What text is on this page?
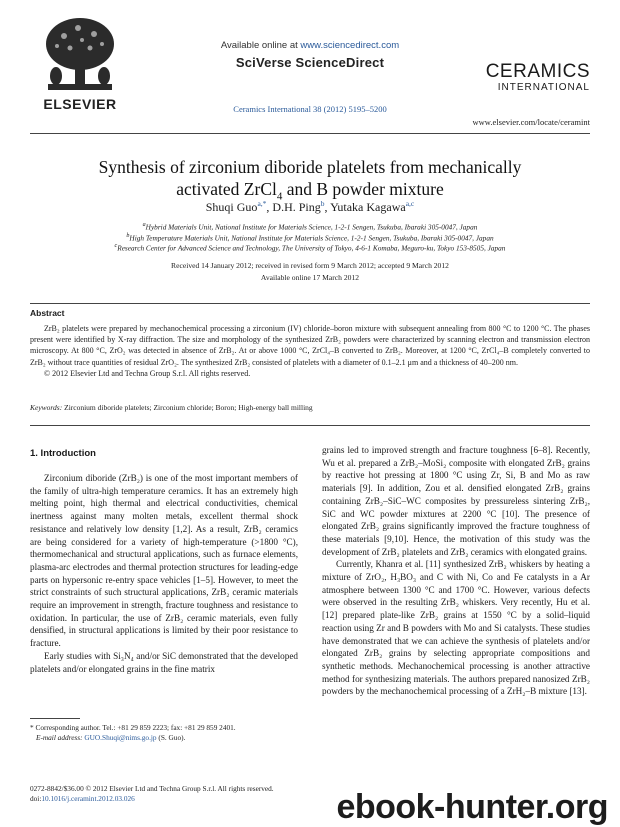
ELSEVIER
Available online at www.sciencedirect.com
SciVerse ScienceDirect
Ceramics International 38 (2012) 5195–5200
CERAMICS
INTERNATIONAL
www.elsevier.com/locate/ceramint
Synthesis of zirconium diboride platelets from mechanically
activated ZrCl$_4$ and B powder mixture
Shuqi Guo$^{a,*}$, D.H. Ping$^b$, Yutaka Kagawa$^{a,c}$
$^a$Hybrid Materials Unit, National Institute for Materials Science, 1-2-1 Sengen, Tsukuba, Ibaraki 305-0047, Japan
$^b$High Temperature Materials Unit, National Institute for Materials Science, 1-2-1 Sengen, Tsukuba, Ibaraki 305-0047, Japan
$^c$Research Center for Advanced Science and Technology, The University of Tokyo, 4-6-1 Komaba, Meguro-ku, Tokyo 153-8505, Japan
Received 14 January 2012; received in revised form 9 March 2012; accepted 9 March 2012
Available online 17 March 2012
Abstract
ZrB₂ platelets were prepared by mechanochemical processing a zirconium (IV) chloride–boron mixture with subsequent annealing from 800 °C to 1200 °C. The phases present were identified by X-ray diffraction. The size and morphology of the synthesized ZrB₂ powders were characterized by scanning electron and transmission electron microscopy. At 800 °C, ZrO₂ was detected in absence of ZrB₂. At or above 1000 °C, ZrCl₄–B converted to ZrB₂. Moreover, at 1200 °C, ZrCl₄–B completely converted to ZrB₂ without trace quantities of residual ZrO₂. The synthesized ZrB₂ consisted of platelets with a diameter of 0.1–2.1 μm and a thickness of 40–200 nm.
© 2012 Elsevier Ltd and Techna Group S.r.l. All rights reserved.
Keywords: Zirconium diboride platelets; Zirconium chloride; Boron; High-energy ball milling
1. Introduction

Zirconium diboride (ZrB₂) is one of the most important members of the family of ultra-high temperature ceramics. It has an extremely high melting point, high thermal and electrical conductivities, chemical inertness against many molten metals, excellent thermal shock resistance and relatively low density [1,2]. As a result, ZrB₂ ceramics are being considered for a variety of high-temperature (>1800 °C), thermomechanical and structural applications, such as furnace elements, plasma-arc electrodes and thermal protection structures for leading-edge parts on hypersonic re-entry space vehicles [1–5]. However, to meet the strict constraints of such structural applications, ZrB₂ ceramic materials require an improvement in strength, fracture toughness and resistance to oxidation. In particular, the use of ZrB₂ ceramic materials, even fully densified, in structural applications is limited by their poor resistance to fracture.

Early studies with Si₃N₄ and/or SiC demonstrated that the developed platelets and/or elongated grains in the fine matrix

grains led to improved strength and fracture toughness [6–8]. Recently, Wu et al. prepared a ZrB₂–MoSi₂ composite with elongated ZrB₂ grains by reactive hot pressing at 1800 °C using Zr, Si, B and Mo as raw materials [9]. In addition, Zou et al. densified elongated ZrB₂ grains containing ZrB₂–SiC–WC composites by pressureless sintering ZrB₂, SiC and WC powder mixtures at 2200 °C [10]. The presence of elongated ZrB₂ grains significantly improved the fracture toughness of these materials [9,10]. Hence, the motivation of this study was the development of ZrB₂ platelets and ZrB₂ ceramics with elongated grains.

Currently, Khanra et al. [11] synthesized ZrB₂ whiskers by heating a mixture of ZrO₂, H₃BO₃ and C with Ni, Co and Fe catalysts in a Ar atmosphere between 1300 °C and 1700 °C. However, various defects were observed in the resulting ZrB₂ whiskers. Very recently, Hu et al. [12] prepared plate-like ZrB₂ grains at 1550 °C by a solid–liquid reaction using Zr and B powders with Mo and Si catalysts. These studies have demonstrated that we can achieve the synthesis of platelets and/or elongated ZrB₂ grains by selecting appropriate compositions and synthetic methods. Mechanochemical processing is another attractive method for synthesizing materials. The authors prepared nanosized ZrB₂ powders by the mechanochemical processing of a ZrH₂–B mixture [13].

* Corresponding author. Tel.: +81 29 859 2223; fax: +81 29 859 2401.
E-mail address: GUO.Shuqi@nims.go.jp (S. Guo).
0272-8842/$36.00 © 2012 Elsevier Ltd and Techna Group S.r.l. All rights reserved.
doi:10.1016/j.ceramint.2012.03.026	ebook-hunter.org
